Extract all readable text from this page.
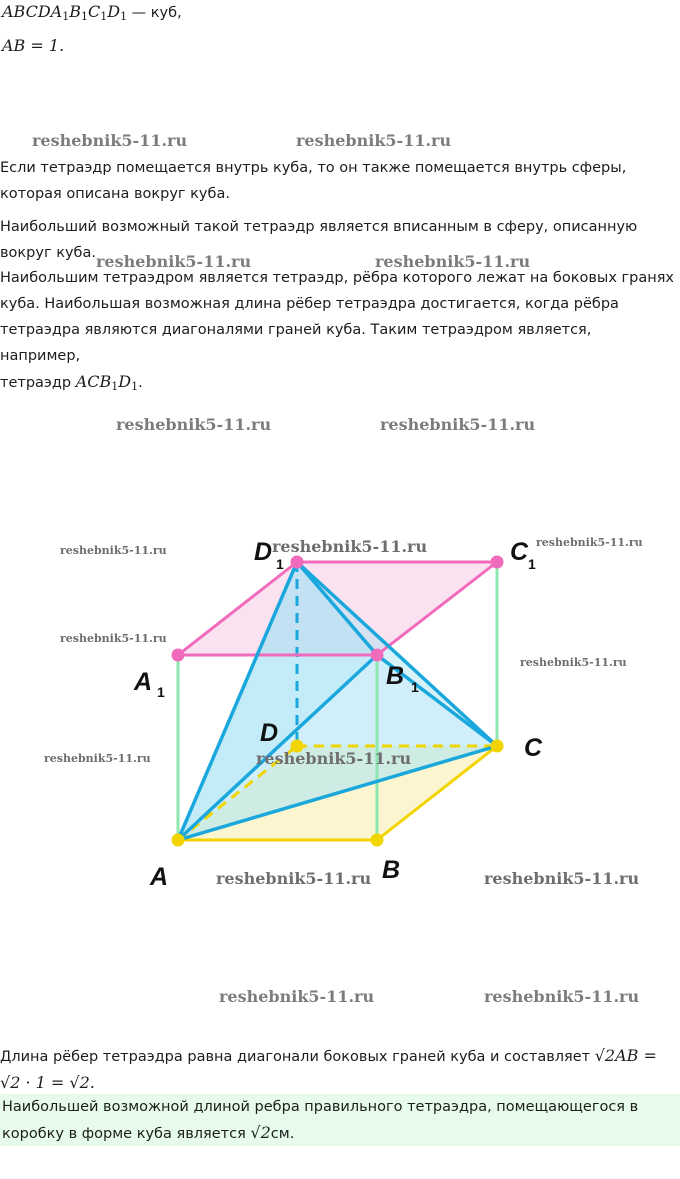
$ABCDA_1B_1C_1D_1$ — куб,
AB = 1.
reshebnik5-11.ru	reshebnik5-11.ru
Если тетраэдр помещается внутрь куба, то он также помещается внутрь сферы, которая описана вокруг куба.
Наибольший возможный такой тетраэдр является вписанным в сферу, описанную вокруг куба. reshebnik5-11.ru	reshebnik5-11.ru
Наибольшим тетраэдром является тетраэдр, рёбра которого лежат на боковых гранях
куба. Наибольшая возможная длина рёбер тетраэдра достигается, когда рёбра
тетраэдра являются диагоналями граней куба. Таким тетраэдром является, например,
тетраэдр $ACB_1D_1$.
reshebnik5-11.ru	reshebnik5-11.ru
A	B
C
D
A 1
B 1
C 1
D 1
reshebnik5-11.ru	reshebnik5-11.ru	reshebnik5-11.ru
reshebnik5-11.ru
reshebnik5-11.ru
reshebnik5-11.ru	reshebnik5-11.ru
reshebnik5-11.ru	reshebnik5-11.ru
reshebnik5-11.ru	reshebnik5-11.ru
Длина рёбер тетраэдра равна диагонали боковых граней куба и составляет √2AB =
√2 · 1 = √2.
Наибольшей возможной длиной ребра правильного тетраэдра, помещающегося в
коробку в форме куба является √2см.
